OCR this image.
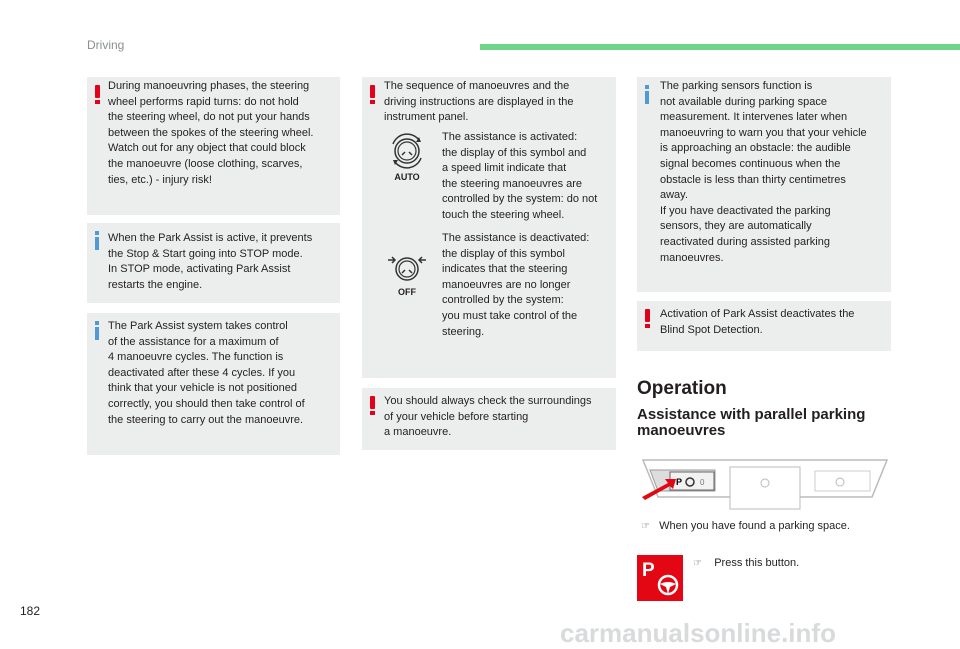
Driving
During manoeuvring phases, the steering
wheel performs rapid turns: do not hold
the steering wheel, do not put your hands
between the spokes of the steering wheel.
Watch out for any object that could block
the manoeuvre (loose clothing, scarves,
ties, etc.) - injury risk!
When the Park Assist is active, it prevents
the Stop & Start going into STOP mode.
In STOP mode, activating Park Assist
restarts the engine.
The Park Assist system takes control
of the assistance for a maximum of
4 manoeuvre cycles. The function is
deactivated after these 4 cycles. If you
think that your vehicle is not positioned
correctly, you should then take control of
the steering to carry out the manoeuvre.
The sequence of manoeuvres and the
driving instructions are displayed in the
instrument panel.
AUTO
The assistance is activated:
the display of this symbol and
a speed limit indicate that
the steering manoeuvres are
controlled by the system: do not
touch the steering wheel.
OFF
The assistance is deactivated:
the display of this symbol
indicates that the steering
manoeuvres are no longer
controlled by the system:
you must take control of the
steering.
You should always check the surroundings
of your vehicle before starting
a manoeuvre.
The parking sensors function is
not available during parking space
measurement. It intervenes later when
manoeuvring to warn you that your vehicle
is approaching an obstacle: the audible
signal becomes continuous when the
obstacle is less than thirty centimetres
away.
If you have deactivated the parking
sensors, they are automatically
reactivated during assisted parking
manoeuvres.
Activation of Park Assist deactivates the
Blind Spot Detection.
Operation
Assistance with parallel parking
manoeuvres
P 0
☞ When you have found a parking space.
P	☞ Press this button.
182
carmanualsonline.info
